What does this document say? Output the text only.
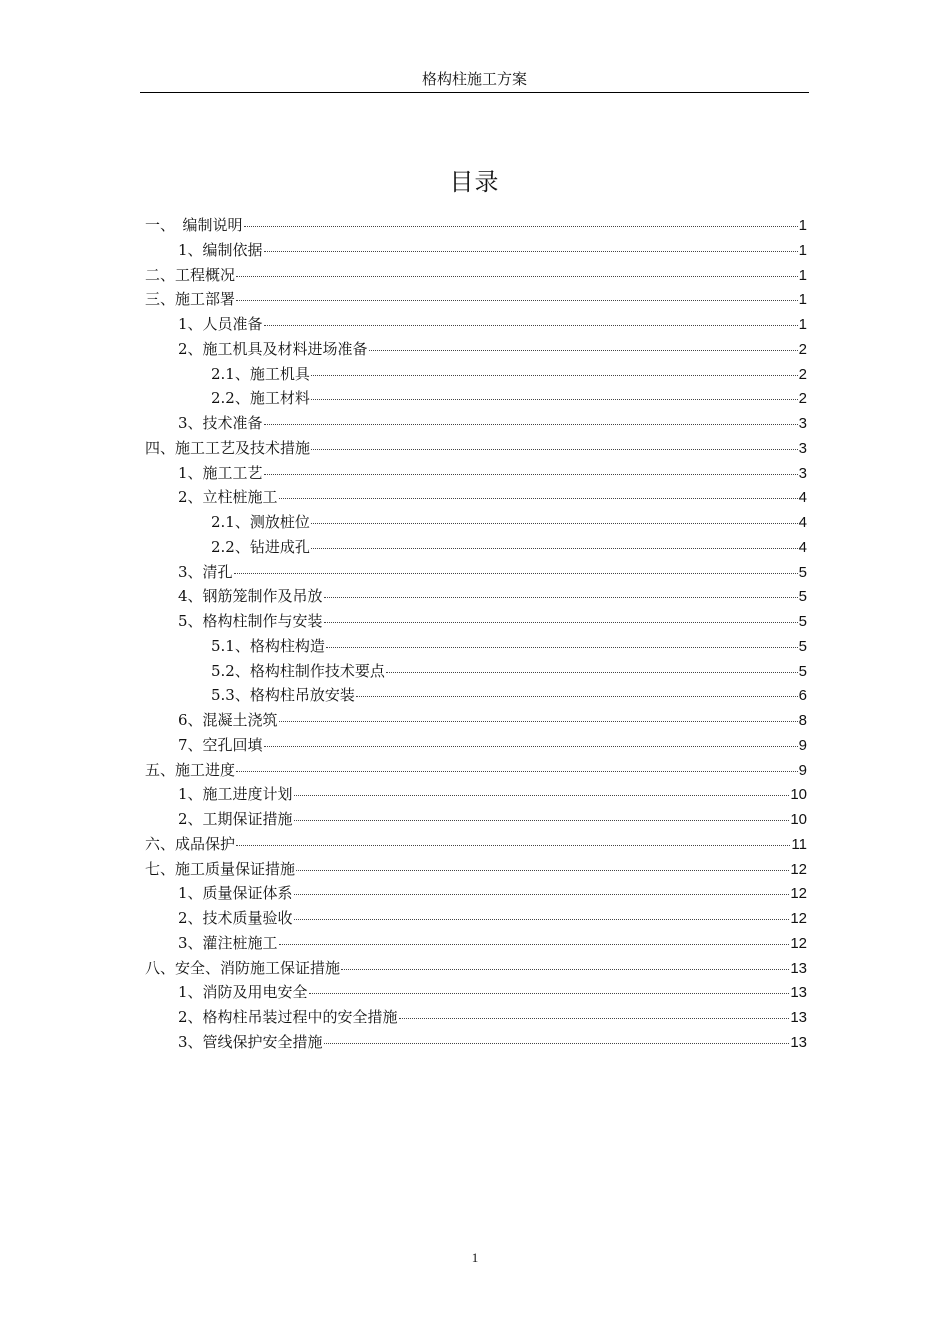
格构柱施工方案
目录
一、　编制说明	1
1、编制依据	1
二、工程概况	1
三、施工部署	1
1、人员准备	1
2、施工机具及材料进场准备	2
2.1、施工机具	2
2.2、施工材料	2
3、技术准备	3
四、施工工艺及技术措施	3
1、施工工艺	3
2、立柱桩施工	4
2.1、测放桩位	4
2.2、钻进成孔	4
3、清孔	5
4、钢筋笼制作及吊放	5
5、格构柱制作与安装	5
5.1、格构柱构造	5
5.2、格构柱制作技术要点	5
5.3、格构柱吊放安装	6
6、混凝土浇筑	8
7、空孔回填	9
五、施工进度	9
1、施工进度计划	10
2、工期保证措施	10
六、成品保护	11
七、施工质量保证措施	12
1、质量保证体系	12
2、技术质量验收	12
3、灌注桩施工	12
八、安全、消防施工保证措施	13
1、消防及用电安全	13
2、格构柱吊装过程中的安全措施	13
3、管线保护安全措施	13
1
